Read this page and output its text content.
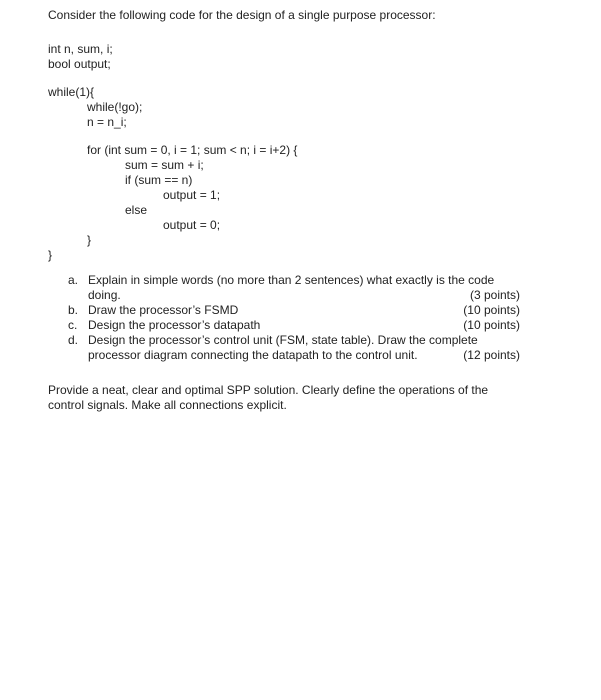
Consider the following code for the design of a single purpose processor:
int n, sum, i;
bool output;
while(1){
while(!go);
n = n_i;
for (int sum = 0, i = 1; sum < n; i = i+2) {
sum = sum + i;
if (sum == n)
output = 1;
else
output = 0;
}
}
a. Explain in simple words (no more than 2 sentences) what exactly is the code
doing.	(3 points)
b. Draw the processor’s FSMD	(10 points)
c. Design the processor’s datapath	(10 points)
d. Design the processor’s control unit (FSM, state table). Draw the complete
processor diagram connecting the datapath to the control unit.	(12 points)
Provide a neat, clear and optimal SPP solution. Clearly define the operations of the
control signals. Make all connections explicit.
